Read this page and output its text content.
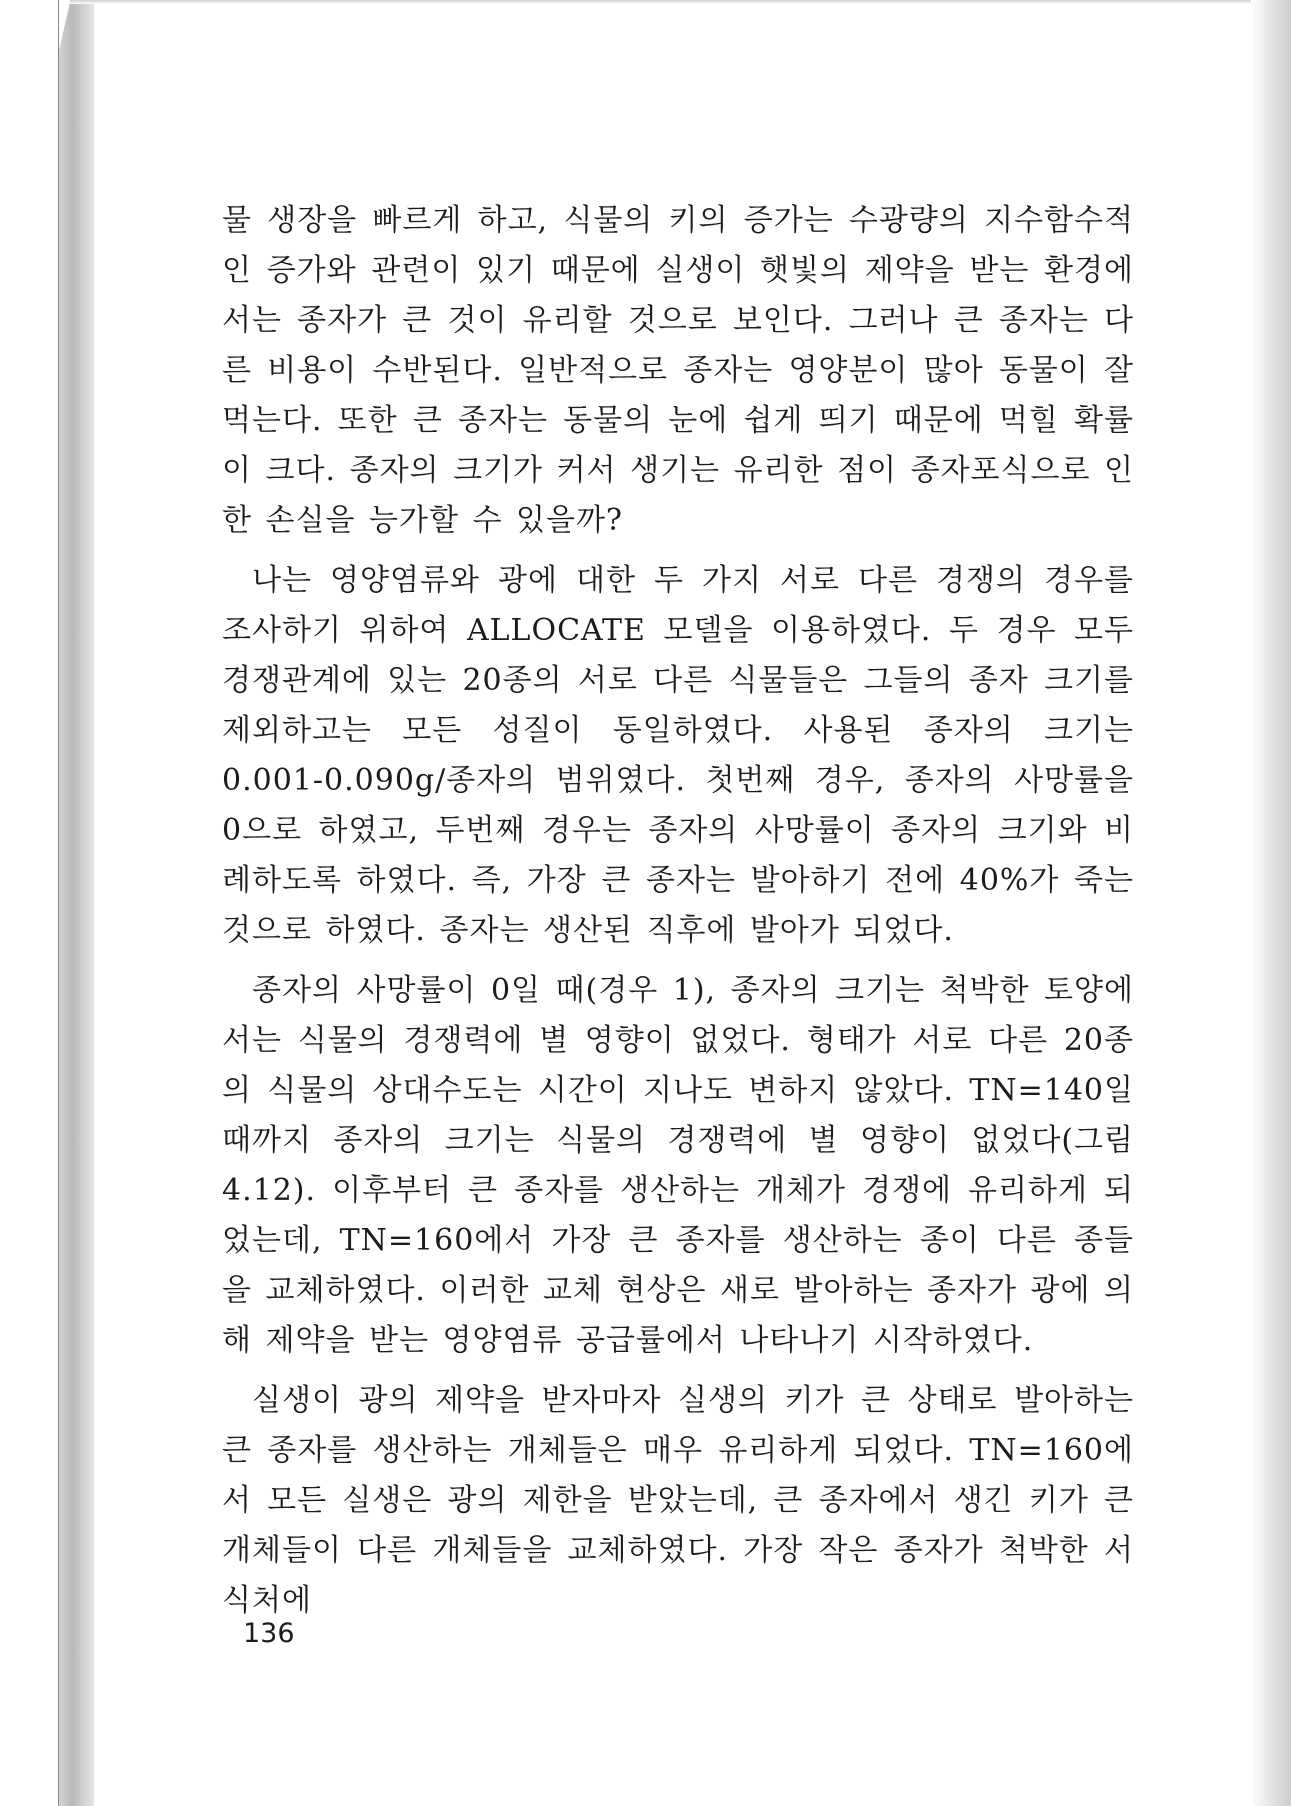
물 생장을 빠르게 하고, 식물의 키의 증가는 수광량의 지수함수적인 증가와 관련이 있기 때문에 실생이 햇빛의 제약을 받는 환경에서는 종자가 큰 것이 유리할 것으로 보인다. 그러나 큰 종자는 다른 비용이 수반된다. 일반적으로 종자는 영양분이 많아 동물이 잘 먹는다. 또한 큰 종자는 동물의 눈에 쉽게 띄기 때문에 먹힐 확률이 크다. 종자의 크기가 커서 생기는 유리한 점이 종자포식으로 인한 손실을 능가할 수 있을까?

나는 영양염류와 광에 대한 두 가지 서로 다른 경쟁의 경우를 조사하기 위하여 ALLOCATE 모델을 이용하였다. 두 경우 모두 경쟁관계에 있는 20종의 서로 다른 식물들은 그들의 종자 크기를 제외하고는 모든 성질이 동일하였다. 사용된 종자의 크기는 0.001-0.090g/종자의 범위였다. 첫번째 경우, 종자의 사망률을 0으로 하였고, 두번째 경우는 종자의 사망률이 종자의 크기와 비례하도록 하였다. 즉, 가장 큰 종자는 발아하기 전에 40%가 죽는 것으로 하였다. 종자는 생산된 직후에 발아가 되었다.

종자의 사망률이 0일 때(경우 1), 종자의 크기는 척박한 토양에서는 식물의 경쟁력에 별 영향이 없었다. 형태가 서로 다른 20종의 식물의 상대수도는 시간이 지나도 변하지 않았다. TN=140일 때까지 종자의 크기는 식물의 경쟁력에 별 영향이 없었다(그림 4.12). 이후부터 큰 종자를 생산하는 개체가 경쟁에 유리하게 되었는데, TN=160에서 가장 큰 종자를 생산하는 종이 다른 종들을 교체하였다. 이러한 교체 현상은 새로 발아하는 종자가 광에 의해 제약을 받는 영양염류 공급률에서 나타나기 시작하였다.

실생이 광의 제약을 받자마자 실생의 키가 큰 상태로 발아하는 큰 종자를 생산하는 개체들은 매우 유리하게 되었다. TN=160에서 모든 실생은 광의 제한을 받았는데, 큰 종자에서 생긴 키가 큰 개체들이 다른 개체들을 교체하였다. 가장 작은 종자가 척박한 서식처에

136
